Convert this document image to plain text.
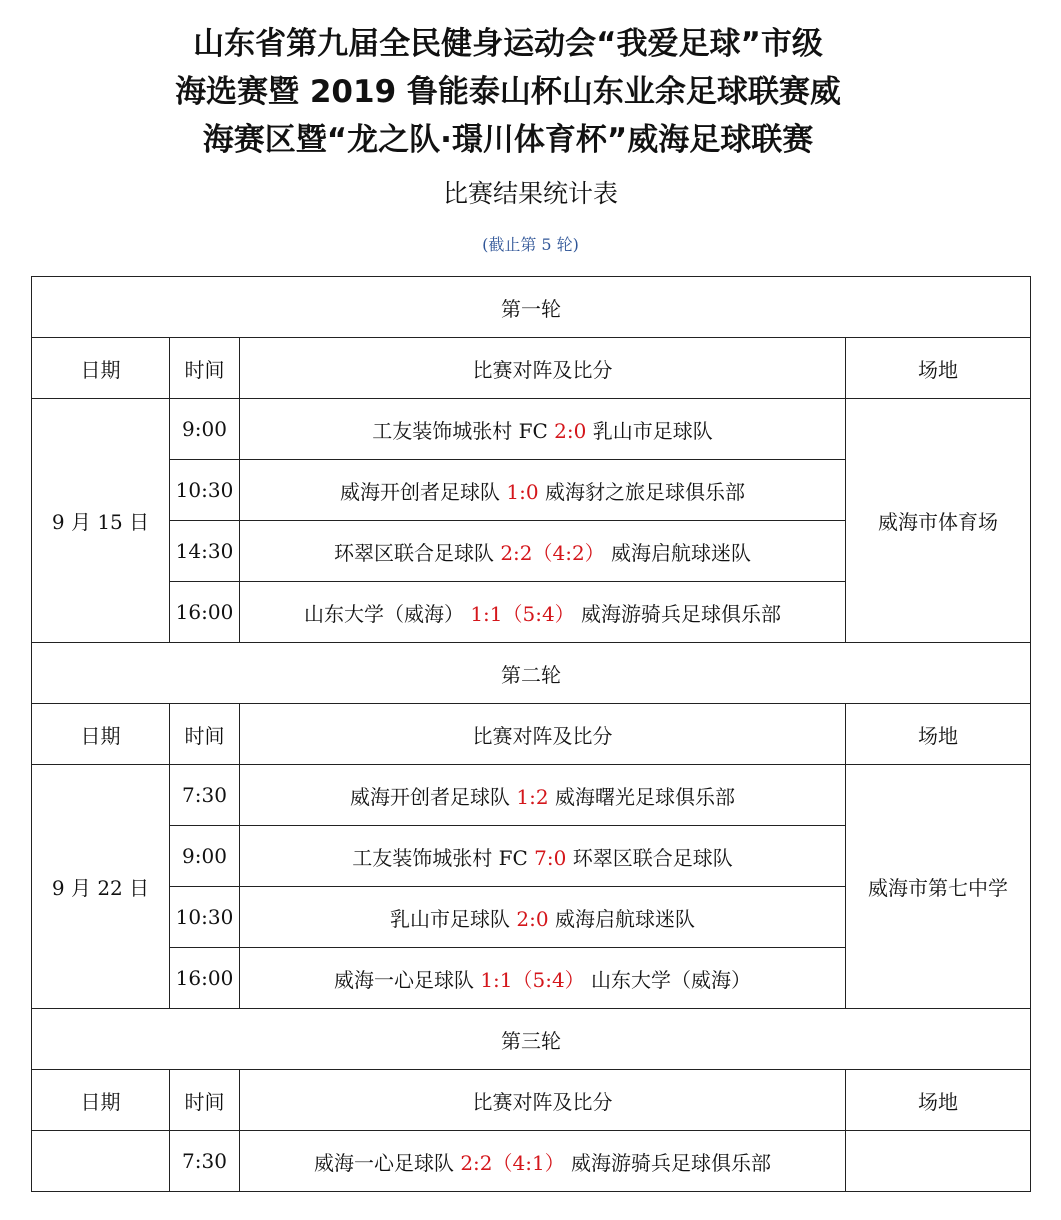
山东省第九届全民健身运动会“我爱足球”市级
海选赛暨 2019 鲁能泰山杯山东业余足球联赛威
海赛区暨“龙之队·璟川体育杯”威海足球联赛
比赛结果统计表
(截止第 5 轮)
第一轮			
日期	时间	比赛对阵及比分	场地
9 月 15 日	9:00	工友装饰城张村 FC 2:0 乳山市足球队	威海市体育场
	10:30	威海开创者足球队 1:0 威海豺之旅足球俱乐部	
	14:30	环翠区联合足球队 2:2（4:2） 威海启航球迷队	
	16:00	山东大学（威海） 1:1（5:4） 威海游骑兵足球俱乐部	
第二轮			
日期	时间	比赛对阵及比分	场地
9 月 22 日	7:30	威海开创者足球队 1:2 威海曙光足球俱乐部	威海市第七中学
	9:00	工友装饰城张村 FC 7:0 环翠区联合足球队	
	10:30	乳山市足球队 2:0 威海启航球迷队	
	16:00	威海一心足球队 1:1（5:4） 山东大学（威海）	
第三轮			
日期	时间	比赛对阵及比分	场地
	7:30	威海一心足球队 2:2（4:1） 威海游骑兵足球俱乐部	
